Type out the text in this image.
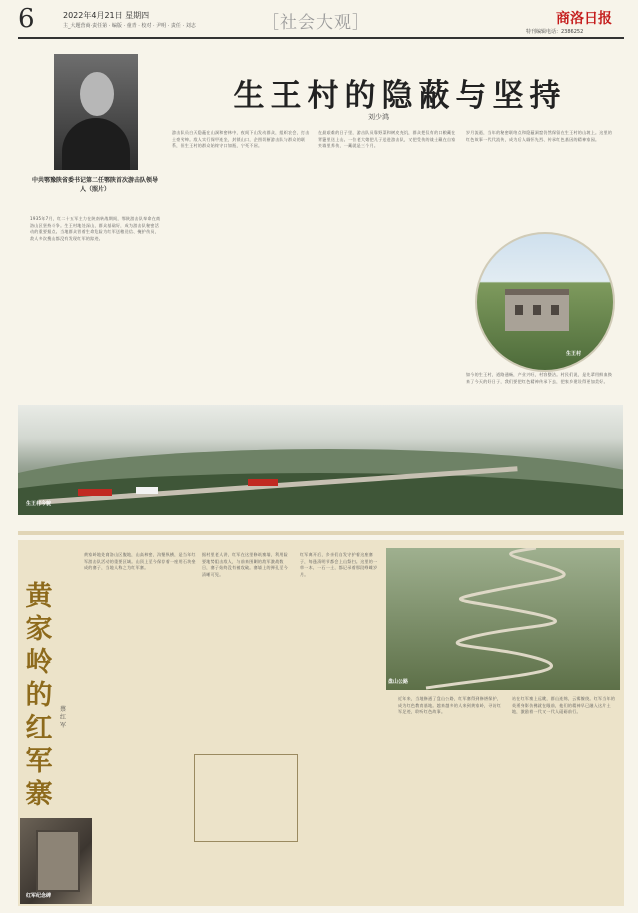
6	2022年4月21日 星期四
主_大题营商·责任第 · 编版 · 童青 · 校对 · 尹明 · 责任 · 刘志	［社会大观］	商洛日报
特刊编辑电话：2386252
中共鄂豫陕省委书记第二任鄂陕首次游击队领导人（照片）
生王村的隐蔽与坚持
刘少鸿
1935年7月，红二十五军主力在陕南转战期间，鄂陕游击队奉命在商洛山区坚持斗争。生王村地处深山，群众基础好，成为游击队秘密活动的重要据点。当地群众冒着生命危险为红军送粮送信、掩护伤员，敌人多次搜山都没有发现红军的踪迹。
游击队员白天隐蔽在山洞和密林中，夜间下山发动群众，组织农会，打击土豪劣绅。敌人实行保甲连坐，封锁山口，企图切断游击队与群众的联系，但生王村的群众始终守口如瓶，宁死不屈。
在最艰难的日子里，游击队员靠野菜和树皮充饥，群众把仅有的口粮藏在背篓里送上山。一位老大娘把儿子送进游击队，又把受伤的战士藏在自家夹墙里养伤，一藏就是三个月。
岁月流逝，当年的秘密联络点和隐蔽洞窟仍然保留在生王村的山坡上。这里的红色故事一代代流传，成为后人缅怀先烈、传承红色基因的精神家园。
如今的生王村，道路通畅，产业兴旺，村容整洁。村民们说，是先辈用鲜血换来了今天的好日子，我们要把红色精神传承下去，把家乡建设得更加美好。
生王村
生王村今貌
黄家岭的红军寨
蔡红军
黄家岭地处商洛山区腹地，山高林密，沟壑纵横，是当年红军游击队活动的重要区域。山顶上至今保存着一座用石块垒成的寨子，当地人称之为红军寨。
据村里老人讲，红军在这里修筑寨墙，利用险要地势阻击敌人，与前来围剿的敌军激战数日，寨子始终没有被攻破。寨墙上的弹孔至今清晰可见。
红军离开后，乡亲们自发守护着这座寨子，每逢清明节都会上山祭扫。这里的一草一木、一石一土，都记录着那段峥嵘岁月。
近年来，当地修通了盘山公路，红军寨得到修缮保护，成为红色教育基地。越来越多的人来到黄家岭，寻访红军足迹，聆听红色故事。
站在红军寨上远眺，群山连绵，云雾缭绕。红军当年的英勇身影仿佛就在眼前，他们的精神早已融入这片土地，激励着一代又一代人砥砺前行。
盘山公路
红军纪念碑
